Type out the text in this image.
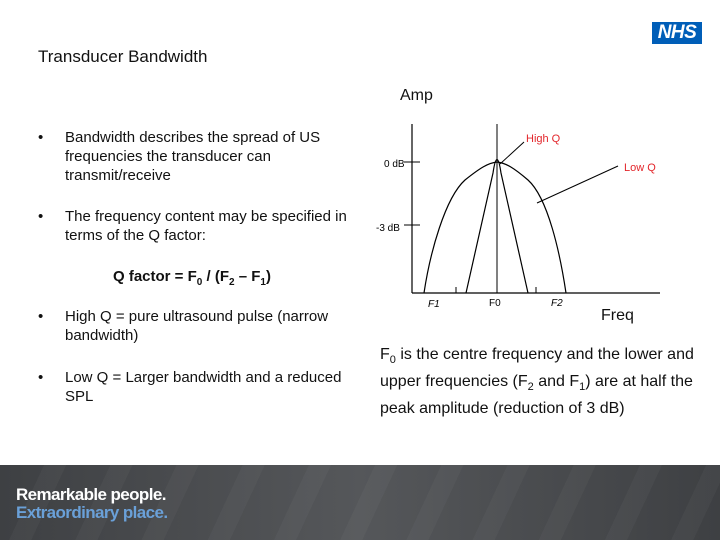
Transducer Bandwidth
NHS
•	Bandwidth describes the spread of US frequencies the transducer can transmit/receive
•	The frequency content may be specified in terms of the Q factor:
Q factor = $F_0 / (F_2 - F_1)$
•	High Q = pure ultrasound pulse (narrow bandwidth)
•	Low Q = Larger bandwidth and a reduced SPL
Amp
0 dB
-3 dB
High Q
Low Q
F1	F0	F2
Freq
$F_0$ is the centre frequency and the lower and upper frequencies ($F_2$ and $F_1$) are at half the peak amplitude (reduction of 3 dB)
Remarkable people.
Extraordinary place.
